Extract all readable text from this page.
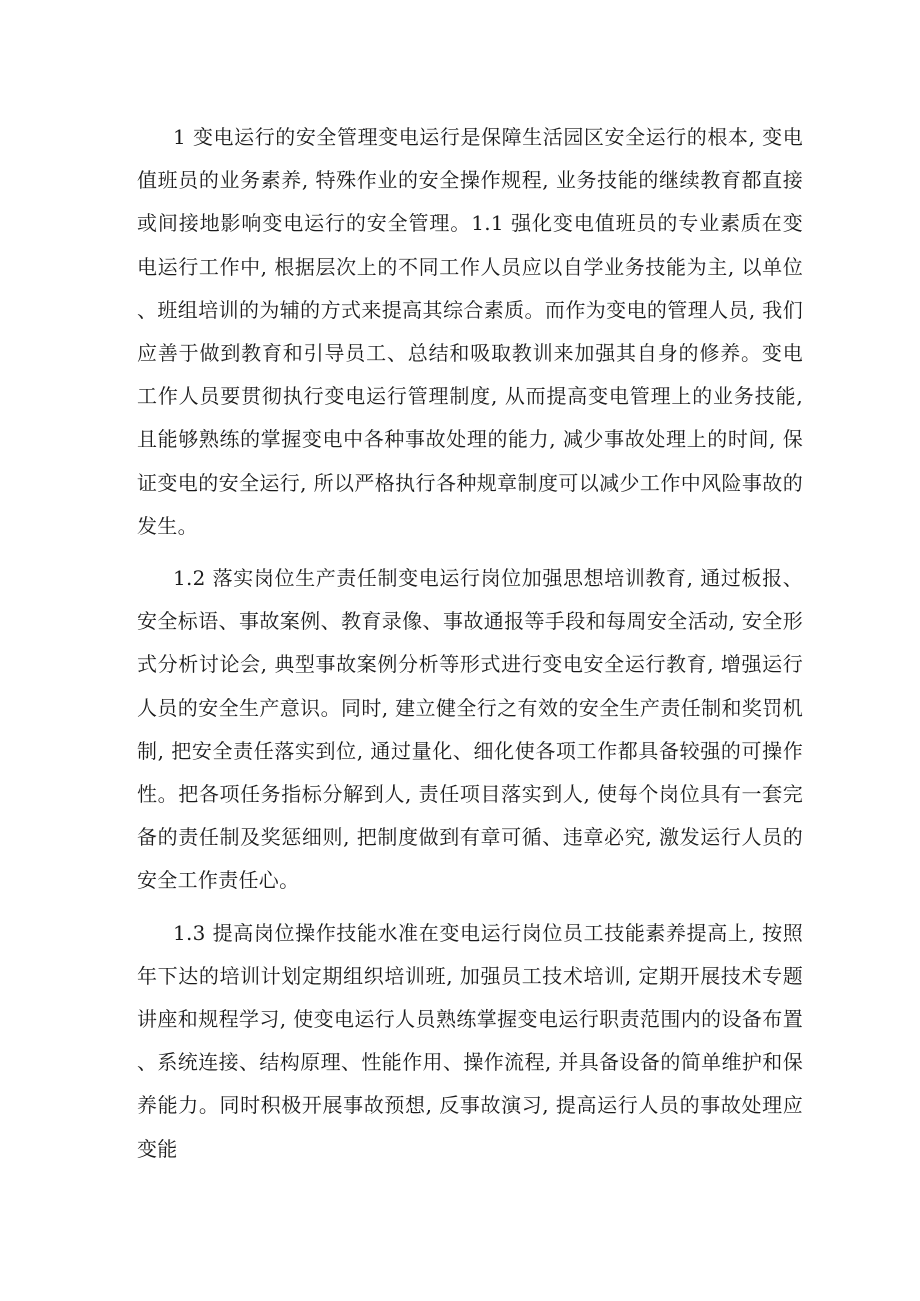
1 变电运行的安全管理变电运行是保障生活园区安全运行的根本, 变电值班员的业务素养, 特殊作业的安全操作规程, 业务技能的继续教育都直接或间接地影响变电运行的安全管理。1.1 强化变电值班员的专业素质在变电运行工作中, 根据层次上的不同工作人员应以自学业务技能为主, 以单位、班组培训的为辅的方式来提高其综合素质。而作为变电的管理人员, 我们应善于做到教育和引导员工、总结和吸取教训来加强其自身的修养。变电工作人员要贯彻执行变电运行管理制度, 从而提高变电管理上的业务技能, 且能够熟练的掌握变电中各种事故处理的能力, 减少事故处理上的时间, 保证变电的安全运行, 所以严格执行各种规章制度可以减少工作中风险事故的发生。

1.2 落实岗位生产责任制变电运行岗位加强思想培训教育, 通过板报、安全标语、事故案例、教育录像、事故通报等手段和每周安全活动, 安全形式分析讨论会, 典型事故案例分析等形式进行变电安全运行教育, 增强运行人员的安全生产意识。同时, 建立健全行之有效的安全生产责任制和奖罚机制, 把安全责任落实到位, 通过量化、细化使各项工作都具备较强的可操作性。把各项任务指标分解到人, 责任项目落实到人, 使每个岗位具有一套完备的责任制及奖惩细则, 把制度做到有章可循、违章必究, 激发运行人员的安全工作责任心。

1.3 提高岗位操作技能水准在变电运行岗位员工技能素养提高上, 按照年下达的培训计划定期组织培训班, 加强员工技术培训, 定期开展技术专题讲座和规程学习, 使变电运行人员熟练掌握变电运行职责范围内的设备布置、系统连接、结构原理、性能作用、操作流程, 并具备设备的简单维护和保养能力。同时积极开展事故预想, 反事故演习, 提高运行人员的事故处理应变能
